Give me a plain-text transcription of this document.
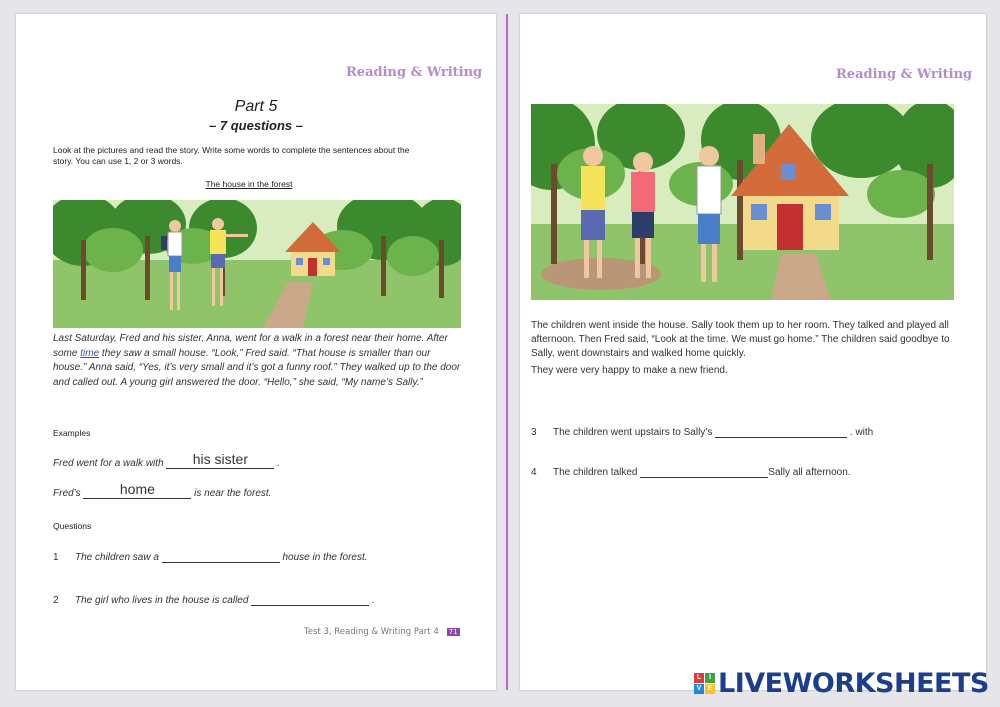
Reading & Writing
Part 5
– 7 questions –
Look at the pictures and read the story. Write some words to complete the sentences about the
story. You can use 1, 2 or 3 words.
The house in the forest
Last Saturday, Fred and his sister, Anna, went for a walk in a forest near their home. After some time they saw a small house. “Look,” Fred said. “That house is smaller than our house.” Anna said, “Yes, it’s very small and it’s got a funny roof.” They walked up to the door and called out. A young girl answered the door. “Hello,” she said, “My name’s Sally.”
Examples
Fred went for a walk with	his sister	.
Fred’s	home	is near the forest.
Questions
1 The children saw a	house in the forest.
2 The girl who lives in the house is called	.
Test 3, Reading & Writing Part 4 71
Reading & Writing
The children went inside the house. Sally took them up to her room. They talked and played all afternoon. Then Fred said, “Look at the time. We must go home.” The children said goodbye to Sally, went downstairs and walked home quickly.
They were very happy to make a new friend.
3 The children went upstairs to Sally’s	. with
4 The children talked	Sally all afternoon.
L	I
V E LIVEWORKSHEETS
